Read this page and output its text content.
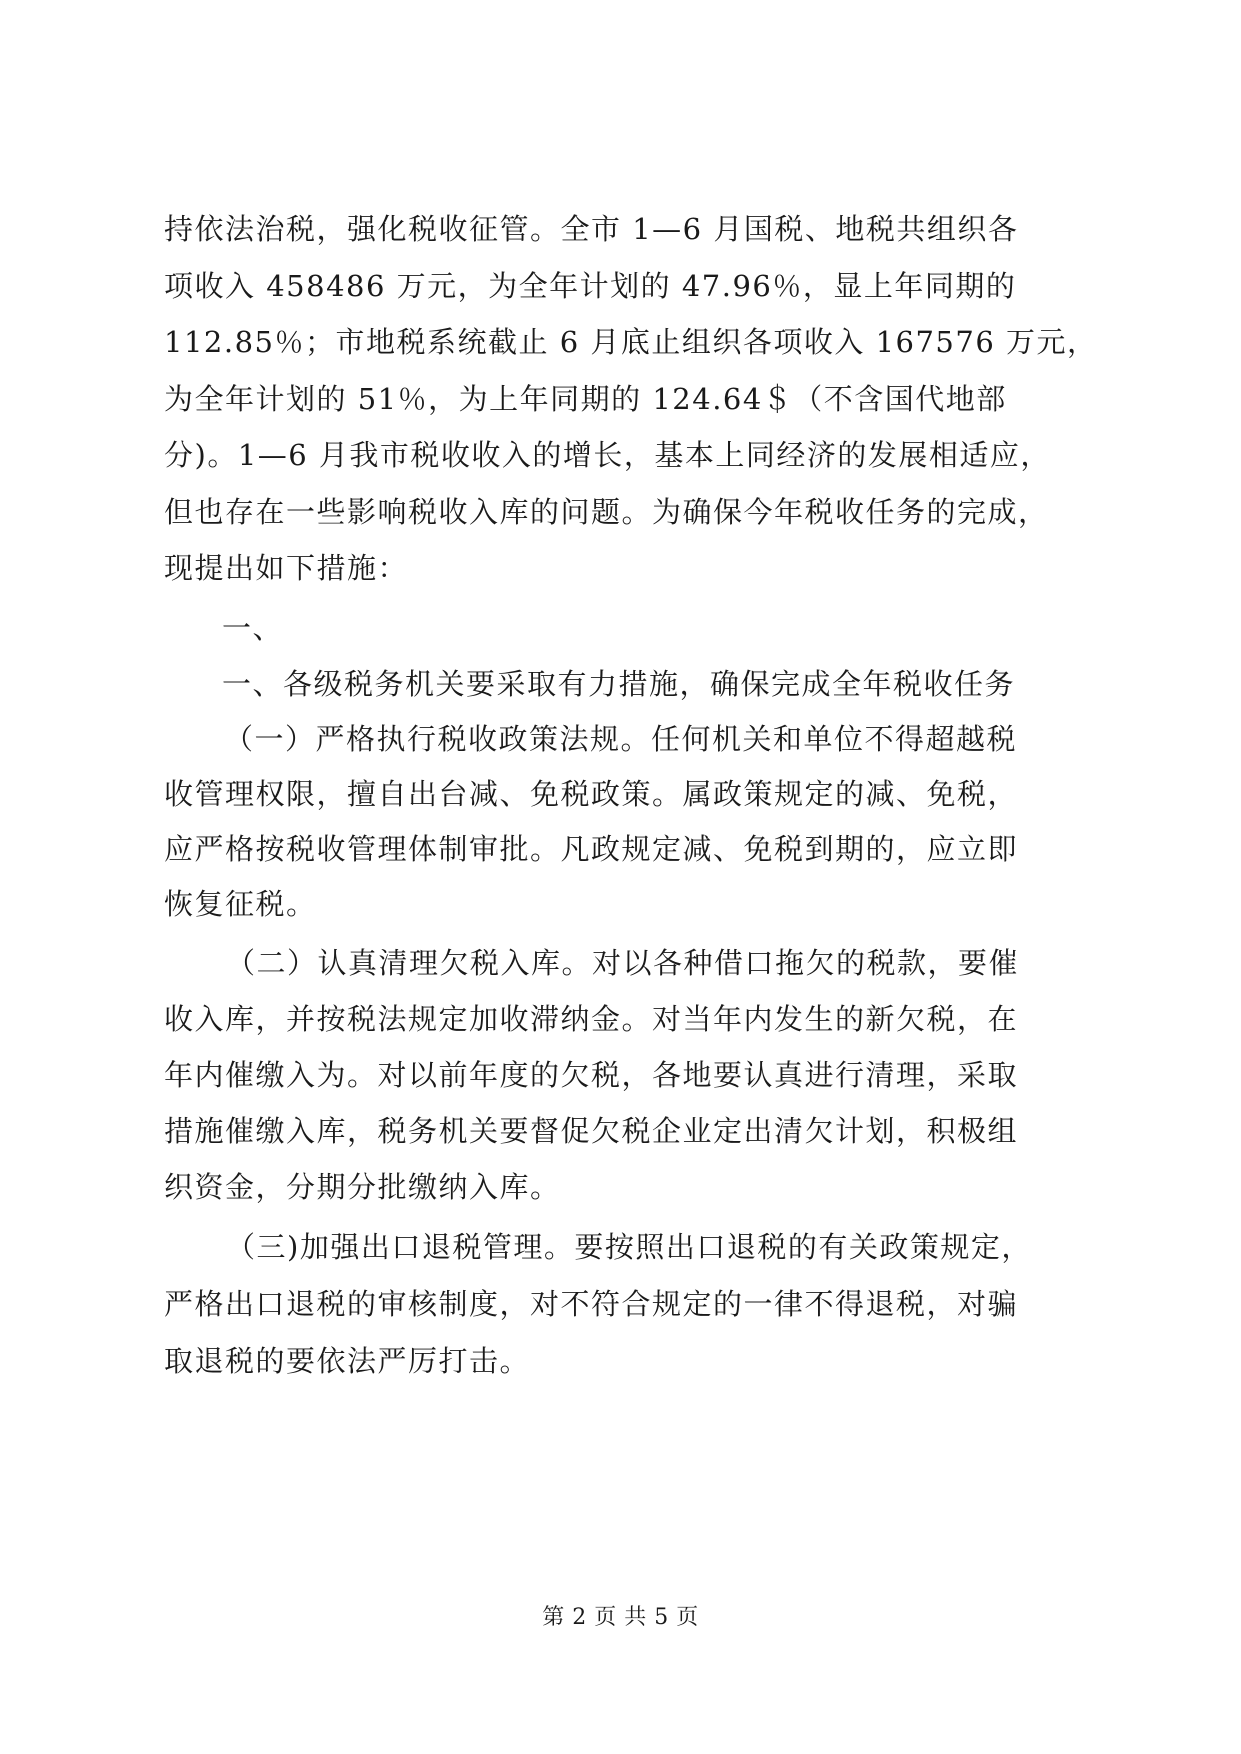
持依法治税，强化税收征管。全市 1—6 月国税、地税共组织各
项收入 458486 万元，为全年计划的 47.96％，显上年同期的
112.85％；市地税系统截止 6 月底止组织各项收入 167576 万元，
为全年计划的 51％，为上年同期的 124.64＄（不含国代地部
分)。1—6 月我市税收收入的增长，基本上同经济的发展相适应，
但也存在一些影响税收入库的问题。为确保今年税收任务的完成，
现提出如下措施：
一、
一、各级税务机关要采取有力措施，确保完成全年税收任务
（一）严格执行税收政策法规。任何机关和单位不得超越税
收管理权限，擅自出台减、免税政策。属政策规定的减、免税，
应严格按税收管理体制审批。凡政规定减、免税到期的，应立即
恢复征税。
（二）认真清理欠税入库。对以各种借口拖欠的税款，要催
收入库，并按税法规定加收滞纳金。对当年内发生的新欠税，在
年内催缴入为。对以前年度的欠税，各地要认真进行清理，采取
措施催缴入库，税务机关要督促欠税企业定出清欠计划，积极组
织资金，分期分批缴纳入库。
（三)加强出口退税管理。要按照出口退税的有关政策规定，
严格出口退税的审核制度，对不符合规定的一律不得退税，对骗
取退税的要依法严厉打击。
第 2 页 共 5 页
